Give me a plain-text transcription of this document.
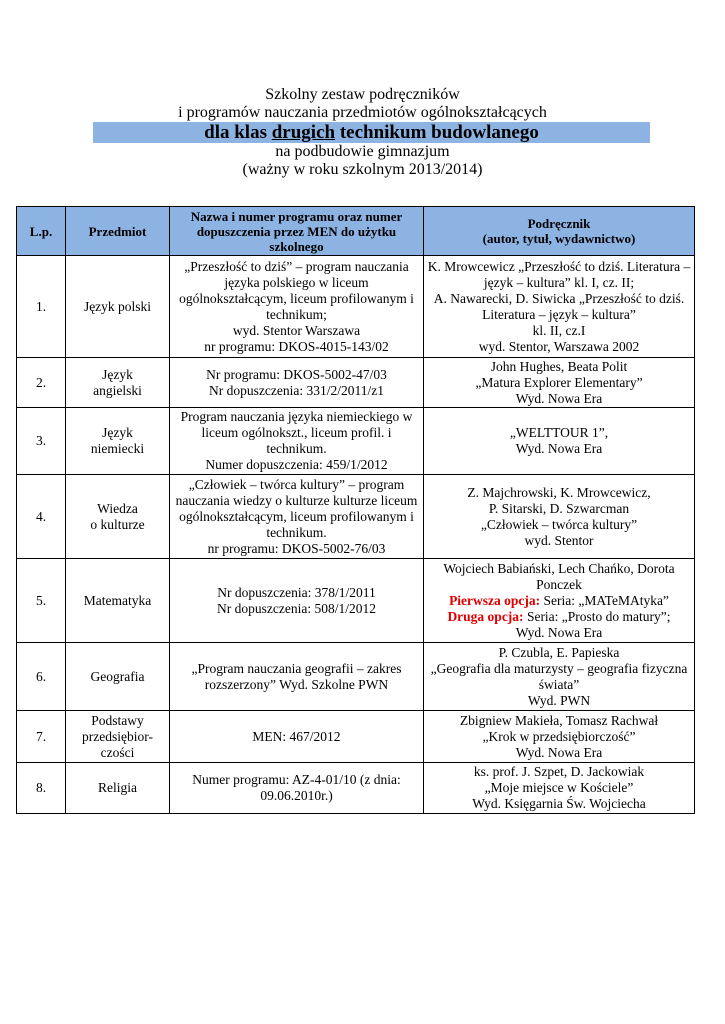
Szkolny zestaw podręczników
i programów nauczania przedmiotów ogólnokształcących
dla klas drugich technikum budowlanego
na podbudowie gimnazjum
(ważny w roku szkolnym 2013/2014)
L.p.	Przedmiot	Nazwa i numer programu oraz numer dopuszczenia przez MEN do użytku szkolnego	Podręcznik
(autor, tytuł, wydawnictwo)

1.	Język polski	„Przeszłość to dziś” – program nauczania języka polskiego w liceum ogólnokształcącym, liceum profilowanym i technikum;
wyd. Stentor Warszawa
nr programu: DKOS-4015-143/02	K. Mrowcewicz „Przeszłość to dziś. Literatura – język – kultura” kl. I, cz. II;
A. Nawarecki, D. Siwicka „Przeszłość to dziś. Literatura – język – kultura”
kl. II, cz.I
wyd. Stentor, Warszawa 2002

2.	Język
angielski	Nr programu: DKOS-5002-47/03
Nr dopuszczenia: 331/2/2011/z1	John Hughes, Beata Polit
„Matura Explorer Elementary”
Wyd. Nowa Era

3.	Język
niemiecki	Program nauczania języka niemieckiego w liceum ogólnokszt., liceum profil. i technikum.
Numer dopuszczenia: 459/1/2012	„WELTTOUR 1”,
Wyd. Nowa Era

4.	Wiedza
o kulturze	„Człowiek – twórca kultury” – program nauczania wiedzy o kulturze kulturze liceum ogólnokształcącym, liceum profilowanym i technikum.
nr programu: DKOS-5002-76/03	Z. Majchrowski, K. Mrowcewicz,
P. Sitarski, D. Szwarcman
„Człowiek – twórca kultury”
wyd. Stentor

5.	Matematyka	Nr dopuszczenia: 378/1/2011
Nr dopuszczenia: 508/1/2012	Wojciech Babiański, Lech Chańko, Dorota Ponczek
Pierwsza opcja: Seria: „MATeMAtyka”
Druga opcja: Seria: „Prosto do matury”;
Wyd. Nowa Era

6.	Geografia	„Program nauczania geografii – zakres rozszerzony” Wyd. Szkolne PWN	P. Czubla, E. Papieska
„Geografia dla maturzysty – geografia fizyczna świata”
Wyd. PWN

7.	Podstawy
przedsiębior-
czości	MEN: 467/2012	Zbigniew Makieła, Tomasz Rachwał
„Krok w przedsiębiorczość”
Wyd. Nowa Era

8.	Religia	Numer programu: AZ-4-01/10 (z dnia: 09.06.2010r.)	ks. prof. J. Szpet, D. Jackowiak
„Moje miejsce w Kościele”
Wyd. Księgarnia Św. Wojciecha
